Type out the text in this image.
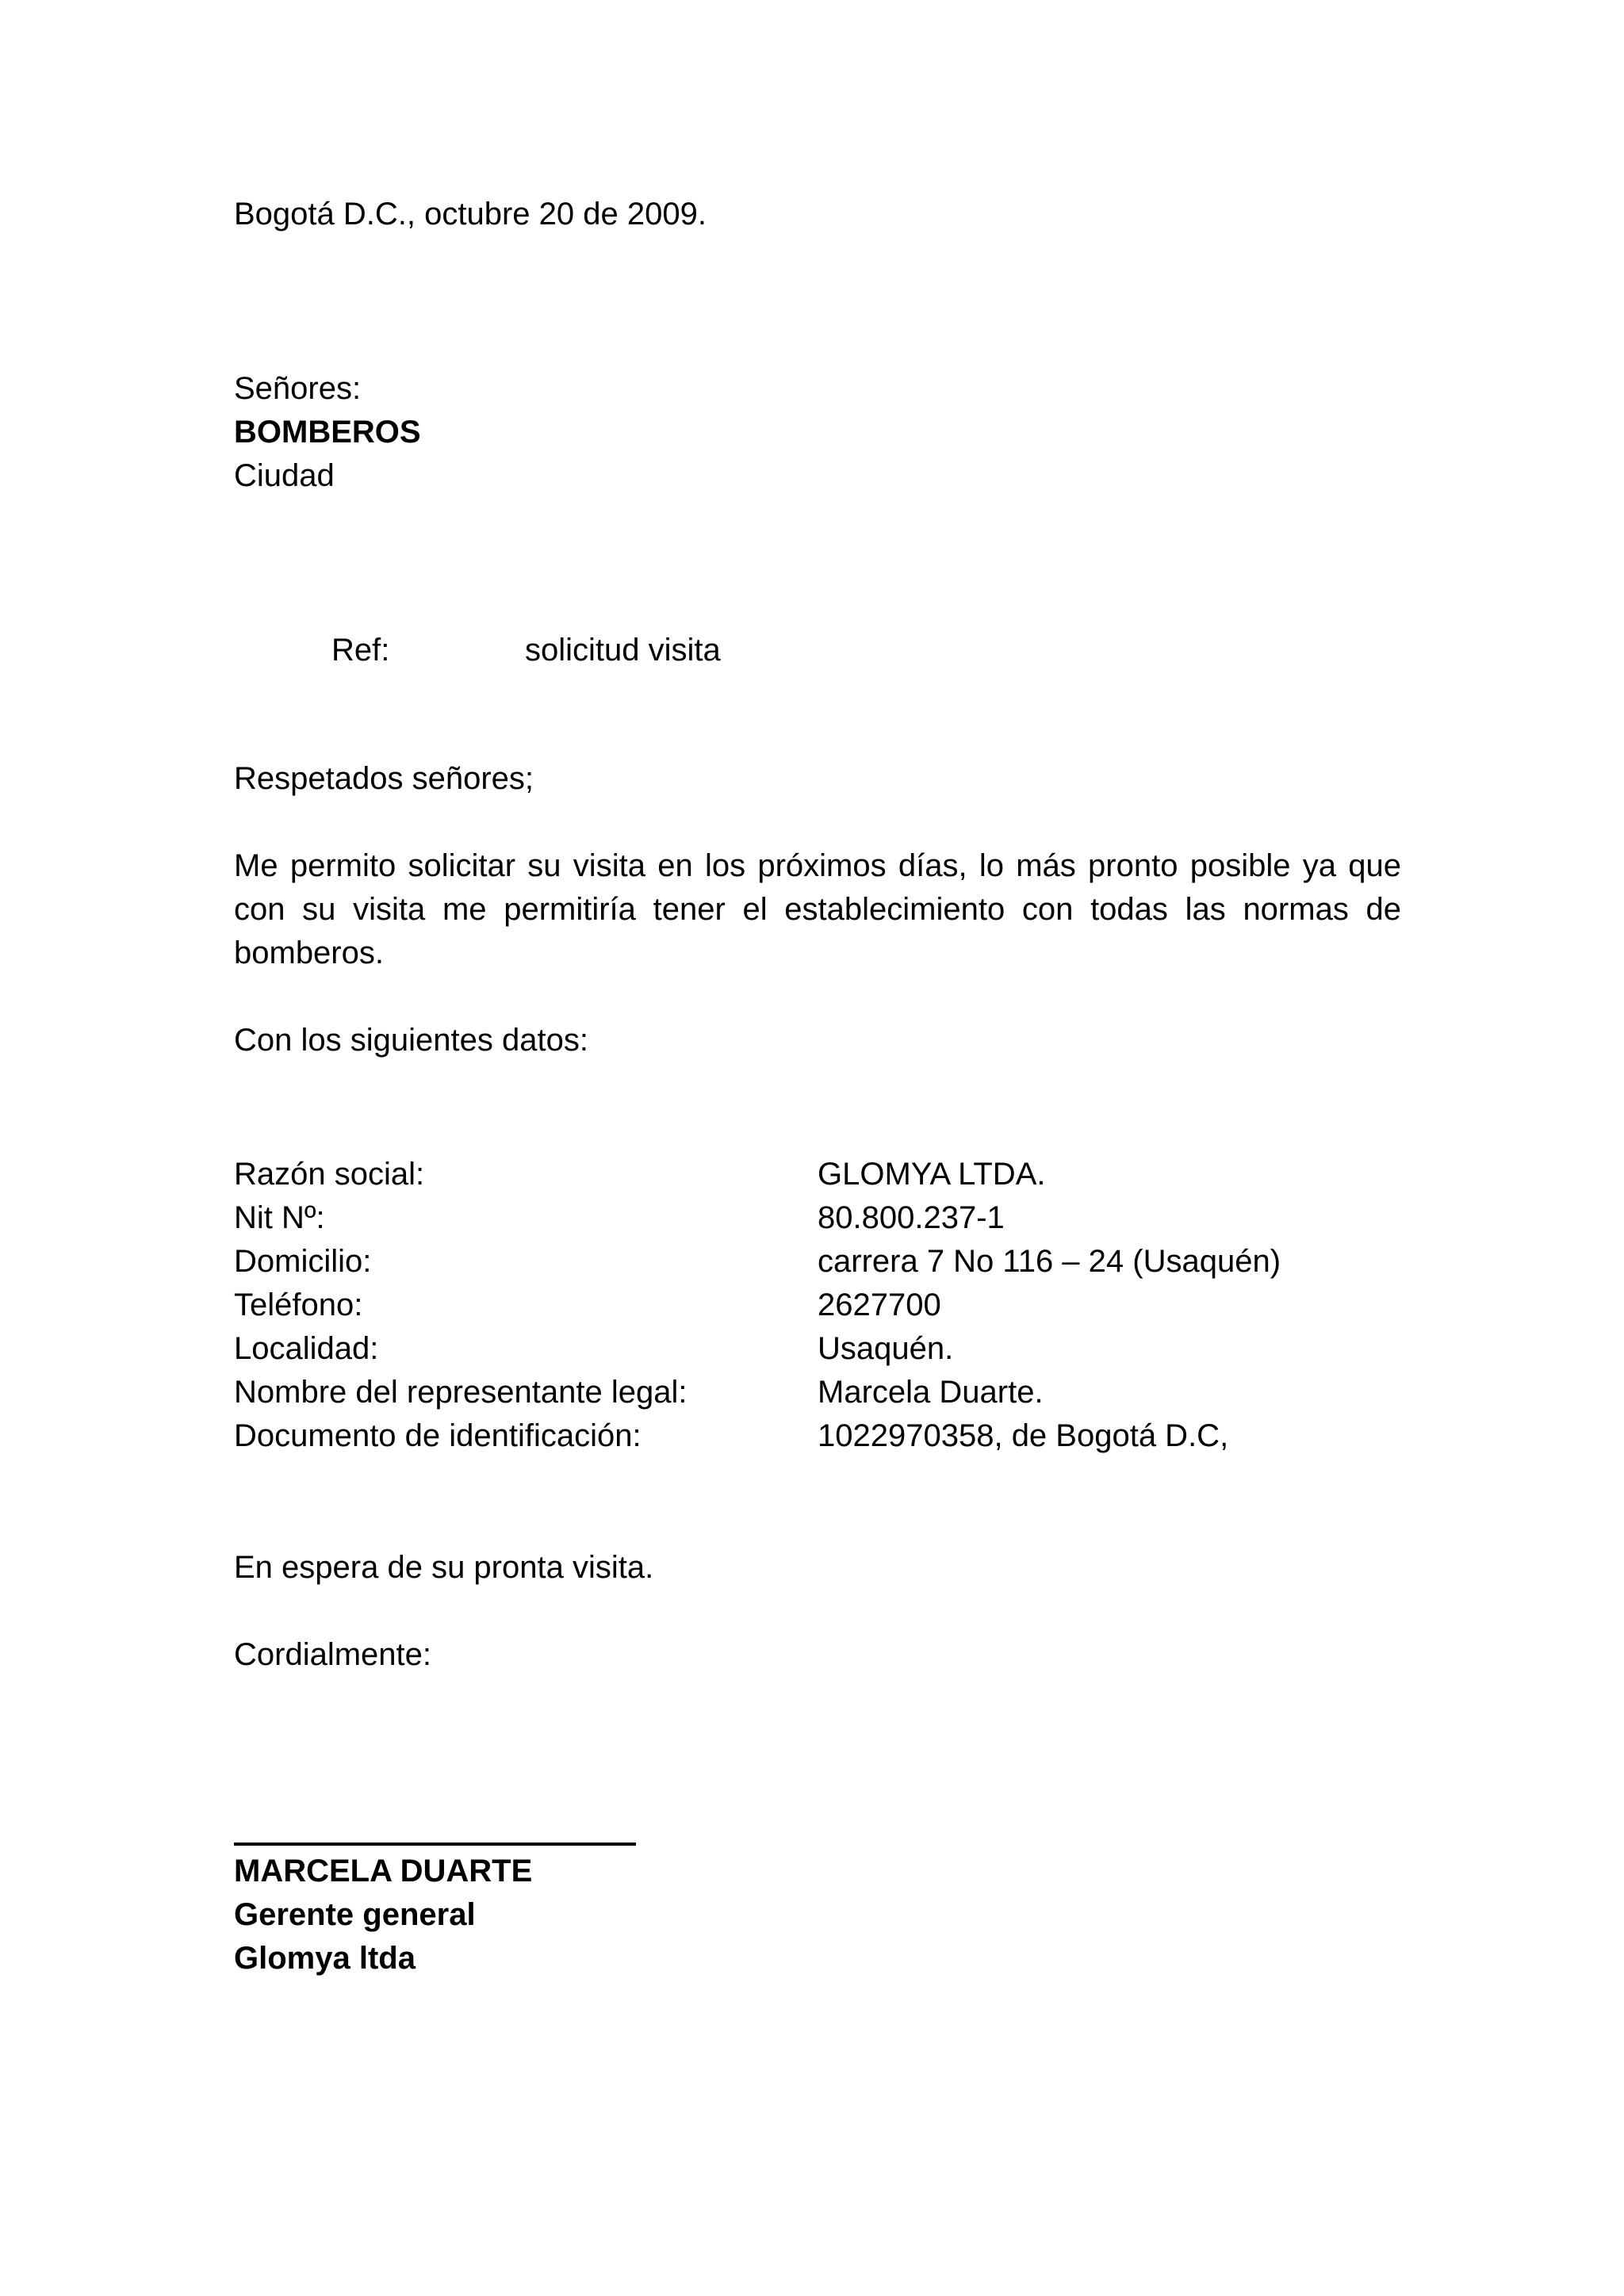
Bogotá D.C., octubre 20 de 2009.
Señores:
BOMBEROS
Ciudad
Ref:	solicitud visita
Respetados señores;
Me permito solicitar su visita en los próximos días, lo más pronto posible ya que con su visita me permitiría tener el establecimiento con todas las normas de bomberos.
Con los siguientes datos:
Razón social:	GLOMYA LTDA.
Nit Nº:	80.800.237-1
Domicilio:	carrera 7 No 116 – 24 (Usaquén)
Teléfono:	2627700
Localidad:	Usaquén.
Nombre del representante legal:	Marcela Duarte.
Documento de identificación:	1022970358, de Bogotá D.C,
En espera de su pronta visita.
Cordialmente:
MARCELA DUARTE
Gerente general
Glomya ltda
